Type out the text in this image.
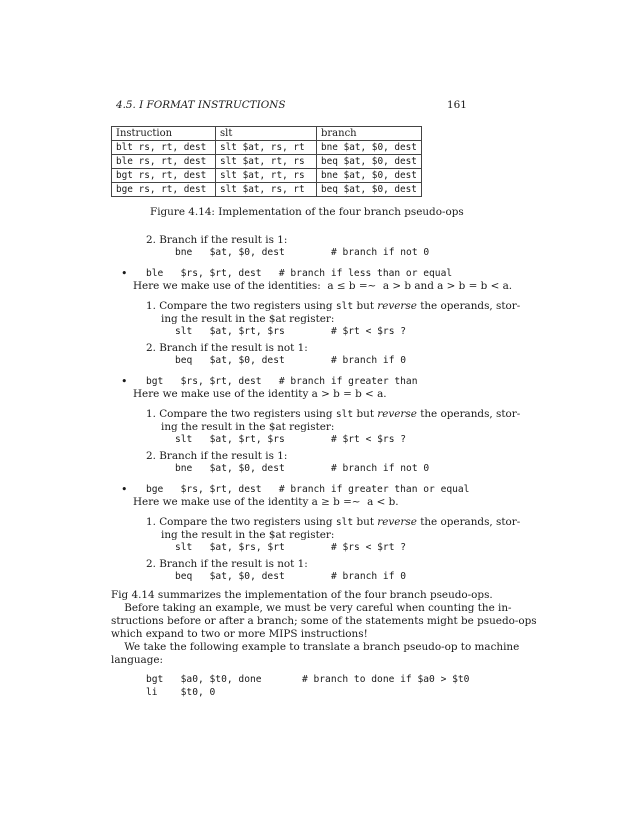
4.5. I FORMAT INSTRUCTIONS	161
Instruction	slt	branch
blt rs, rt, dest	slt $at, rs, rt	bne $at, $0, dest
ble rs, rt, dest	slt $at, rt, rs	beq $at, $0, dest
bgt rs, rt, dest	slt $at, rt, rs	bne $at, $0, dest
bge rs, rt, dest	slt $at, rs, rt	beq $at, $0, dest
Figure 4.14: Implementation of the four branch pseudo-ops
2. Branch if the result is 1:
bne   $at, $0, dest        # branch if not 0
• ble   $rs, $rt, dest   # branch if less than or equal
Here we make use of the identities:  a ≤ b =∼  a > b and a > b = b < a.
1. Compare the two registers using slt but reverse the operands, stor-
ing the result in the $at register:
slt   $at, $rt, $rs        # $rt < $rs ?
2. Branch if the result is not 1:
beq   $at, $0, dest        # branch if 0
• bgt   $rs, $rt, dest   # branch if greater than
Here we make use of the identity a > b = b < a.
1. Compare the two registers using slt but reverse the operands, stor-
ing the result in the $at register:
slt   $at, $rt, $rs        # $rt < $rs ?
2. Branch if the result is 1:
bne   $at, $0, dest        # branch if not 0
• bge   $rs, $rt, dest   # branch if greater than or equal
Here we make use of the identity a ≥ b =∼  a < b.
1. Compare the two registers using slt but reverse the operands, stor-
ing the result in the $at register:
slt   $at, $rs, $rt        # $rs < $rt ?
2. Branch if the result is not 1:
beq   $at, $0, dest        # branch if 0
Fig 4.14 summarizes the implementation of the four branch pseudo-ops.
Before taking an example, we must be very careful when counting the in-
structions before or after a branch; some of the statements might be psuedo-ops
which expand to two or more MIPS instructions!
We take the following example to translate a branch pseudo-op to machine
language:
bgt   $a0, $t0, done       # branch to done if $a0 > $t0
li    $t0, 0
